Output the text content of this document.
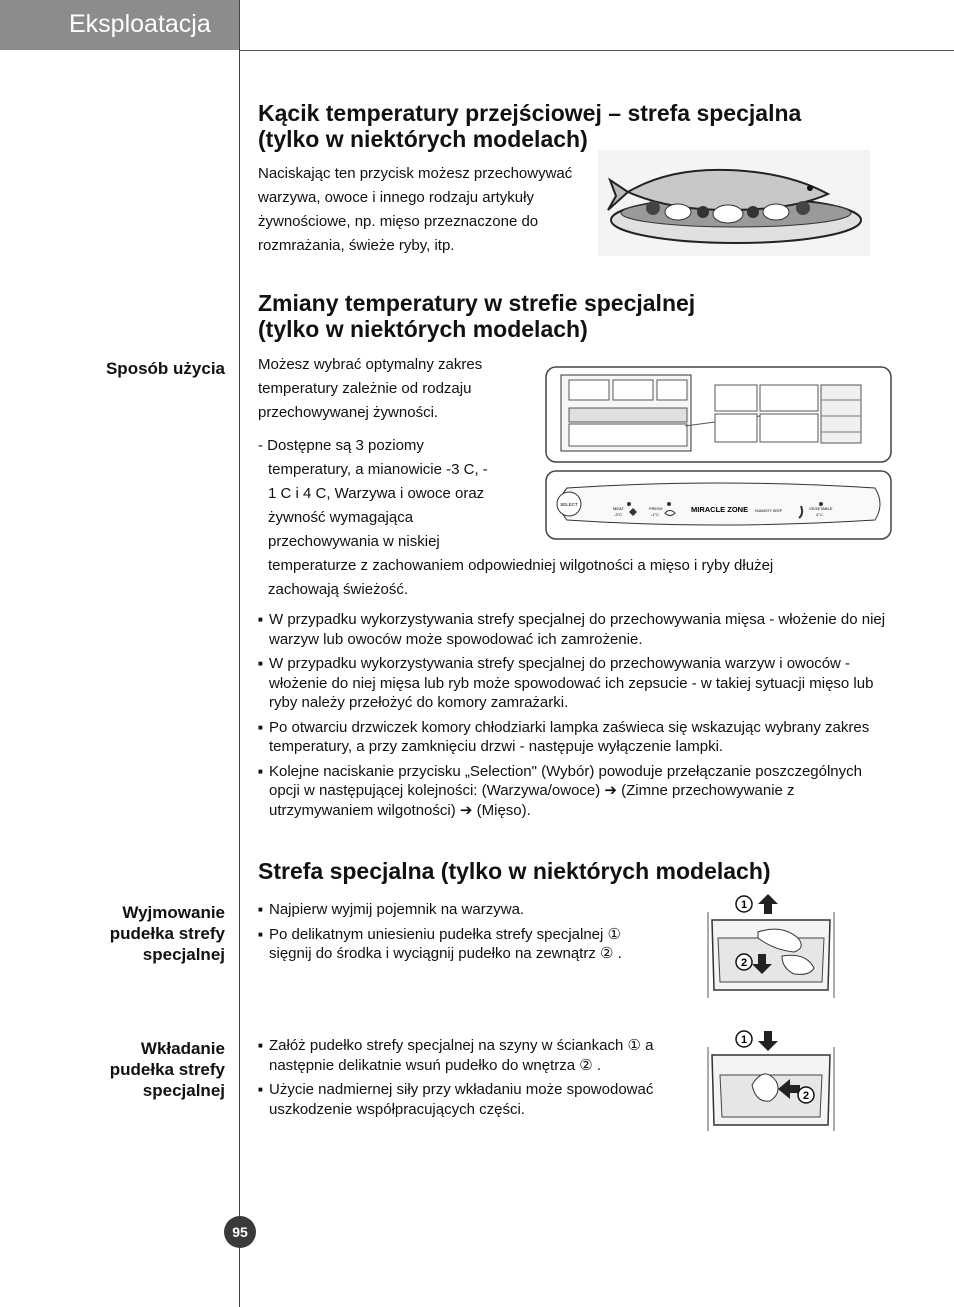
Eksploatacja
Kącik temperatury przejściowej – strefa specjalna
(tylko w niektórych modelach)
Naciskając ten przycisk możesz przechowywać
warzywa, owoce i innego rodzaju artykuły
żywnościowe, np. mięso przeznaczone do
rozmrażania, świeże ryby, itp.
Zmiany temperatury w strefie specjalnej
(tylko w niektórych modelach)
Sposób użycia Możesz wybrać optymalny zakres
temperatury zależnie od rodzaju
przechowywanej żywności.
- Dostępne są 3 poziomy
temperatury, a mianowicie -3 C, -
1 C i 4 C, Warzywa i owoce oraz
żywność wymagająca
przechowywania w niskiej
temperaturze z zachowaniem odpowiedniej wilgotności a mięso i ryby dłużej
zachowają świeżość.
SELECT
MEAT
-3°C
FRESH
-1°C
MIRACLE ZONE HUMIDITY KEEP	VEGETABLE
4°C
■ W przypadku wykorzystywania strefy specjalnej do przechowywania mięsa - włożenie do niej warzyw lub owoców może spowodować ich zamrożenie.
■ W przypadku wykorzystywania strefy specjalnej do przechowywania warzyw i owoców - włożenie do niej mięsa lub ryb może spowodować ich zepsucie - w takiej sytuacji mięso lub ryby należy przełożyć do komory zamrażarki.
■ Po otwarciu drzwiczek komory chłodziarki lampka zaświeca się wskazując wybrany zakres temperatury, a przy zamknięciu drzwi - następuje wyłączenie lampki.
■ Kolejne naciskanie przycisku „Selection" (Wybór) powoduje przełączanie poszczególnych opcji w następującej kolejności: (Warzywa/owoce) ➔ (Zimne przechowywanie z utrzymywaniem wilgotności) ➔ (Mięso).
Strefa specjalna (tylko w niektórych modelach)
Wyjmowanie
pudełka strefy
specjalnej
■ Najpierw wyjmij pojemnik na warzywa.
■ Po delikatnym uniesieniu pudełka strefy specjalnej ① sięgnij do środka i wyciągnij pudełko na zewnątrz ② .
1
2
Wkładanie
pudełka strefy
specjalnej
■ Załóż pudełko strefy specjalnej na szyny w ściankach ① a następnie delikatnie wsuń pudełko do wnętrza ② .
■ Użycie nadmiernej siły przy wkładaniu może spowodować uszkodzenie współpracujących części.
1
2
95
